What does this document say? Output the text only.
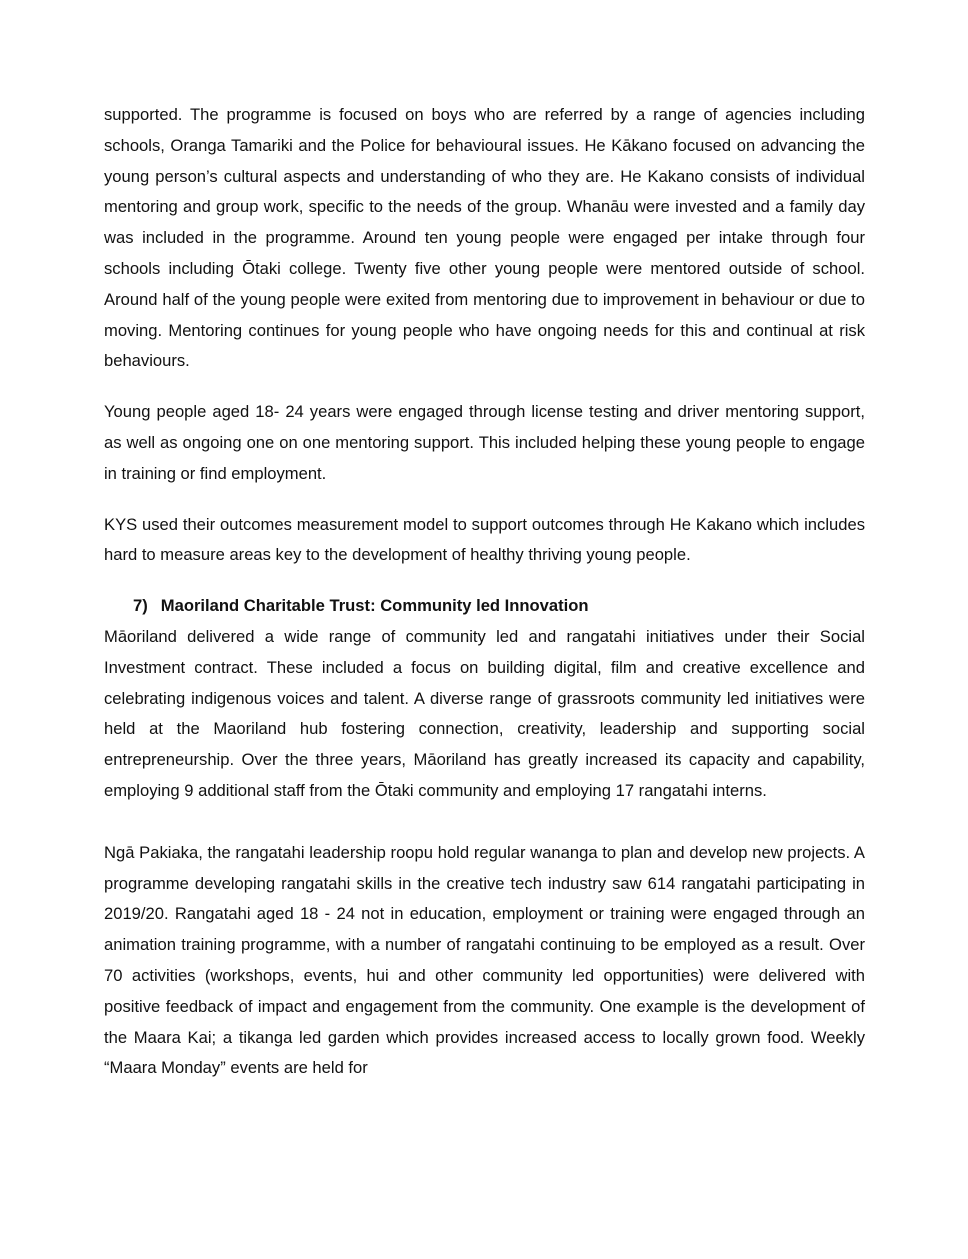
supported. The programme is focused on boys who are referred by a range of agencies including schools, Oranga Tamariki and the Police for behavioural issues. He Kākano focused on advancing the young person’s cultural aspects and understanding of who they are. He Kakano consists of individual mentoring and group work, specific to the needs of the group. Whanāu were invested and a family day was included in the programme. Around ten young people were engaged per intake through four schools including Ōtaki college. Twenty five other young people were mentored outside of school. Around half of the young people were exited from mentoring due to improvement in behaviour or due to moving. Mentoring continues for young people who have ongoing needs for this and continual at risk behaviours.

Young people aged 18- 24 years were engaged through license testing and driver mentoring support, as well as ongoing one on one mentoring support. This included helping these young people to engage in training or find employment.

KYS used their outcomes measurement model to support outcomes through He Kakano which includes hard to measure areas key to the development of healthy thriving young people.

7) Maoriland Charitable Trust: Community led Innovation

Māoriland delivered a wide range of community led and rangatahi initiatives under their Social Investment contract. These included a focus on building digital, film and creative excellence and celebrating indigenous voices and talent. A diverse range of grassroots community led initiatives were held at the Maoriland hub fostering connection, creativity, leadership and supporting social entrepreneurship. Over the three years, Māoriland has greatly increased its capacity and capability, employing 9 additional staff from the Ōtaki community and employing 17 rangatahi interns.

Ngā Pakiaka, the rangatahi leadership roopu hold regular wananga to plan and develop new projects. A programme developing rangatahi skills in the creative tech industry saw 614 rangatahi participating in 2019/20. Rangatahi aged 18 - 24 not in education, employment or training were engaged through an animation training programme, with a number of rangatahi continuing to be employed as a result. Over 70 activities (workshops, events, hui and other community led opportunities) were delivered with positive feedback of impact and engagement from the community. One example is the development of the Maara Kai; a tikanga led garden which provides increased access to locally grown food. Weekly “Maara Monday” events are held for
